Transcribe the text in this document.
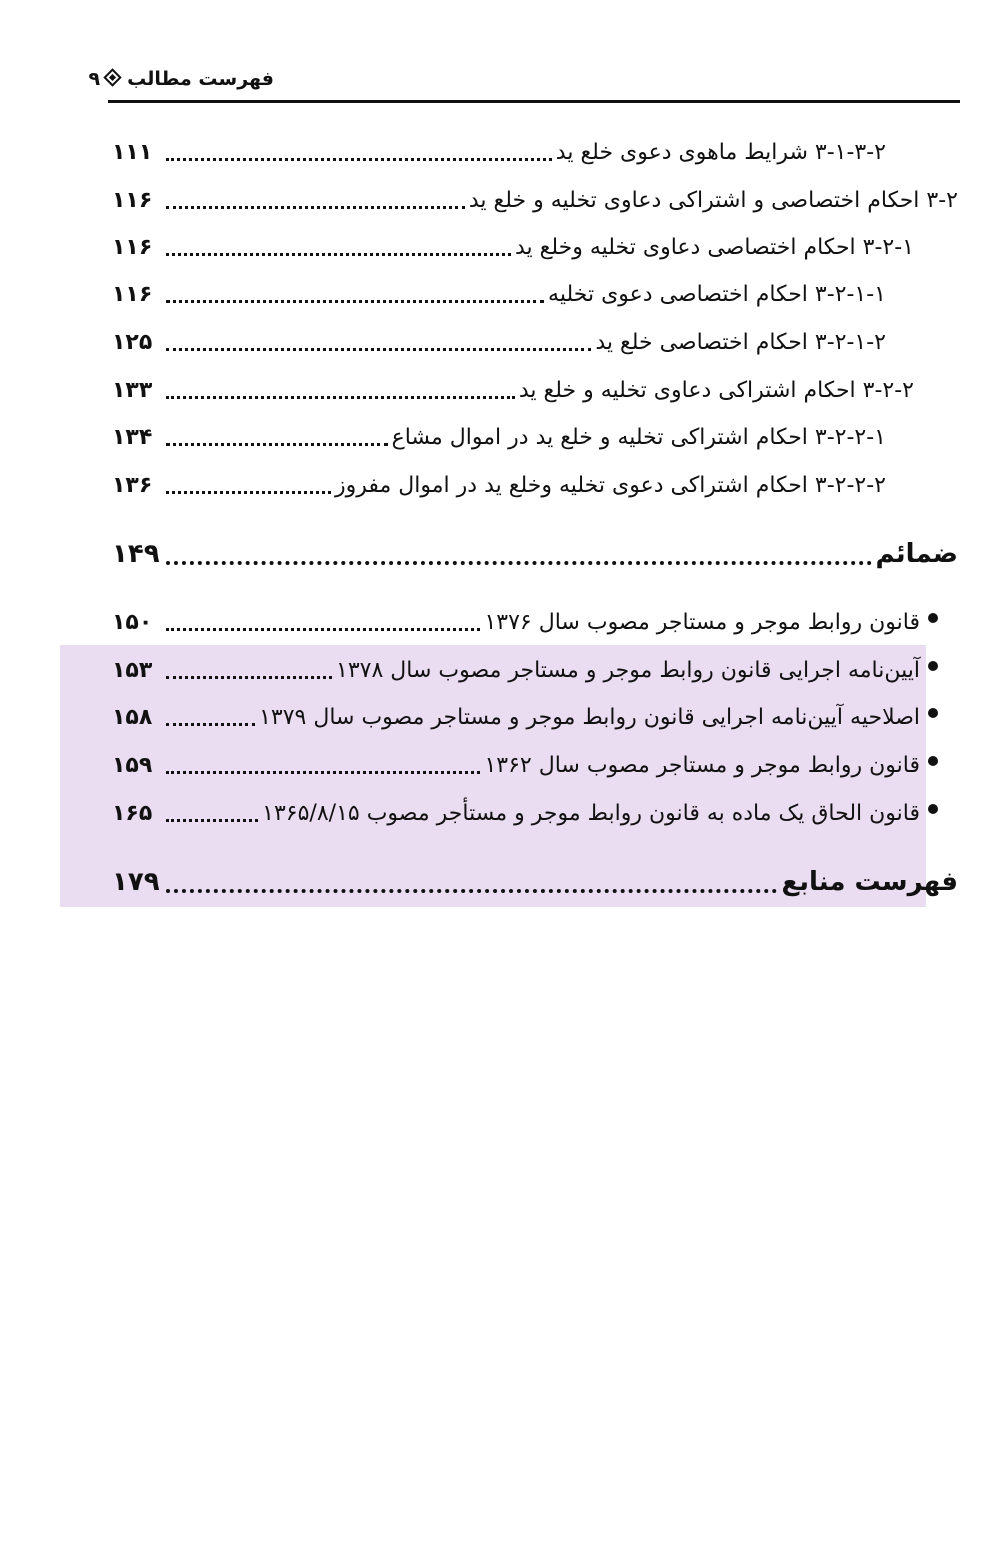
فهرست مطالب۹
۳-۱-۳-۲ شرایط ماهوی دعوی خلع ید
۱۱۱
۳-۲ احکام اختصاصی و اشتراکی دعاوی تخلیه و خلع ید
۱۱۶
۳-۲-۱ احکام اختصاصی دعاوی تخلیه وخلع ید
۱۱۶
۳-۲-۱-۱ احکام اختصاصی دعوی تخلیه
۱۱۶
۳-۲-۱-۲ احکام اختصاصی خلع ید
۱۲۵
۳-۲-۲ احکام اشتراکی دعاوی تخلیه و خلع ید
۱۳۳
۳-۲-۲-۱ احکام اشتراکی تخلیه و خلع ید در اموال مشاع
۱۳۴
۳-۲-۲-۲ احکام اشتراکی دعوی تخلیه وخلع ید در اموال مفروز
۱۳۶
ضمائم
۱۴۹
قانون روابط موجر و مستاجر مصوب سال ۱۳۷۶
۱۵۰
آیین‌نامه اجرایی قانون روابط موجر و مستاجر مصوب سال ۱۳۷۸
۱۵۳
اصلاحیه آیین‌نامه اجرایی قانون روابط موجر و مستاجر مصوب سال ۱۳۷۹
۱۵۸
قانون روابط موجر و مستاجر مصوب سال ۱۳۶۲
۱۵۹
قانون الحاق یک ماده به قانون روابط موجر و مستأجر مصوب ۱۳۶۵/۸/۱۵
۱۶۵
فهرست منابع
۱۷۹
